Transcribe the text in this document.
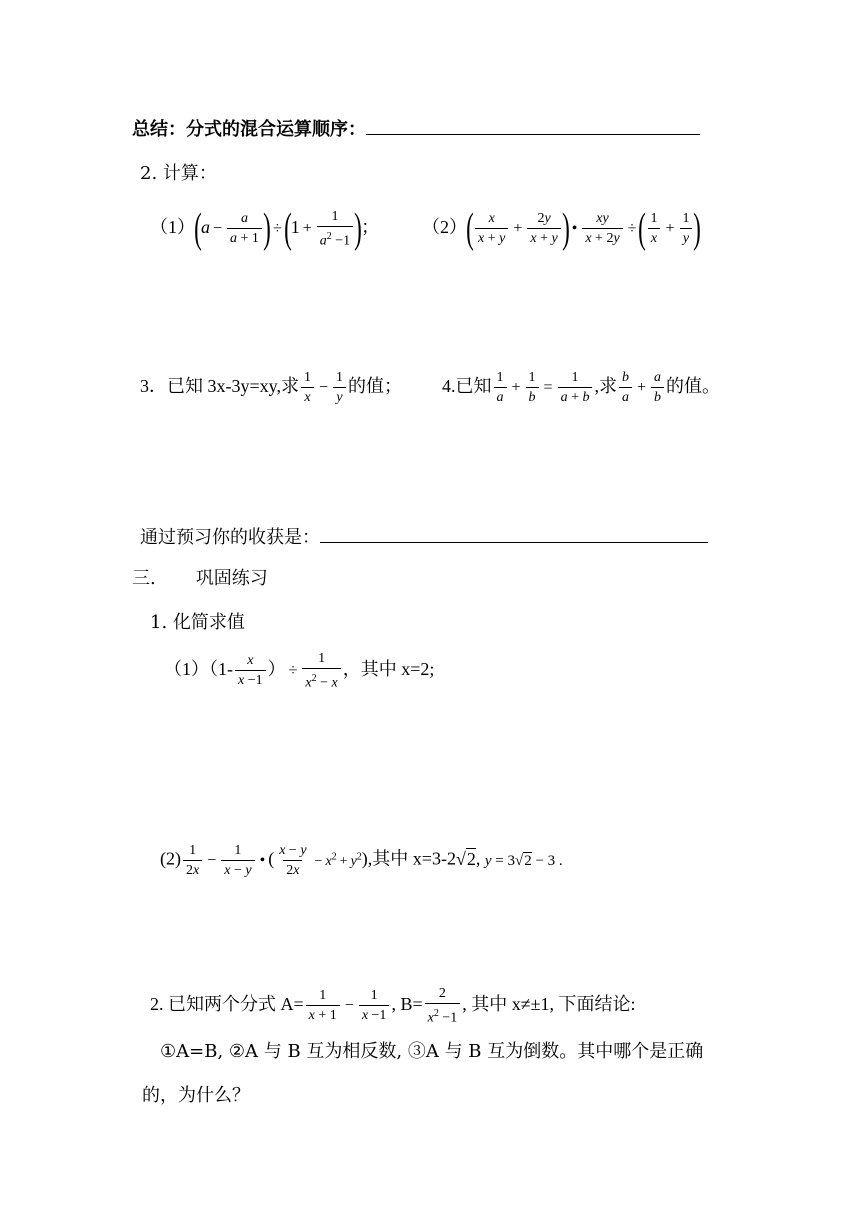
总结：分式的混合运算顺序：
2. 计算：
$(1)(a - \frac{a}{a + 1}$ ) $\div(1 + \frac{1}{a^2 -1}$ )； $(2)( \frac{x}{x + y} + \frac{2y}{x + y}$ ) • $\frac{xy}{x + 2y}$ ÷( $\frac{1}{x} + \frac{1}{y}$ )
3．已知 3x-3y=xy,求 $\frac{1}{x} - \frac{1}{y}$ 的值； 4.已知 $\frac{1}{a} + \frac{1}{b} = \frac{1}{a + b}$ ,求 $\frac{b}{a} + \frac{a}{b}$ 的值。
通过预习你的收获是：
三. 巩固练习
1. 化简求值
$(1)(1- \frac{x}{x -1}$ ） ÷ $\frac{1}{x^2 - x}$ ，其中 x=2;
$(2) \frac{1}{2x} - \frac{1}{x - y}$ • ( $\frac{x - y}{2x} - x^2 + y^2$),其中 x=3-2√2, y = 3√2 − 3 .
2. 已知两个分式 $A= \frac{1}{x + 1} - \frac{1}{x -1}$ , $B= \frac{2}{x^2 -1}$ , 其中 x≠±1, 下面结论:
①A=B, ②A 与 B 互为相反数, ③A 与 B 互为倒数。其中哪个是正确
的，为什么？
